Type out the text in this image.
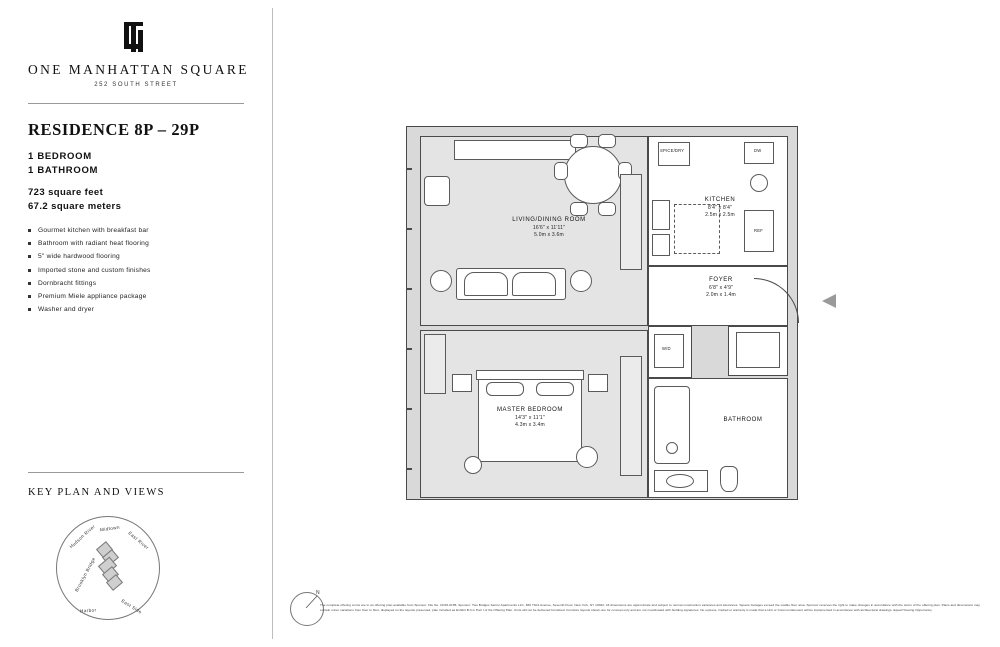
ONE MANHATTAN SQUARE
252 SOUTH STREET
RESIDENCE 8P – 29P
1 BEDROOM
1 BATHROOM
723 square feet
67.2 square meters
Gourmet kitchen with breakfast bar
Bathroom with radiant heat flooring
5" wide hardwood flooring
Imported stone and custom finishes
Dornbracht fittings
Premium Miele appliance package
Washer and dryer
KEY PLAN AND VIEWS
Hudson River Midtown
East River
Brooklyn Bridge
Harbor	East Side
LIVING/DINING ROOM
16'6" x 11'11"
5.0m x 3.6m
SPICE/DRY	DW
REF
KITCHEN
8'4" x 8'4"
2.5m x 2.5m
FOYER
6'8" x 4'9"
2.0m x 1.4m
MASTER BEDROOM
14'3" x 11'1"
4.3m x 3.4m
W/D
BATHROOM
N
The complete offering terms are in an offering plan available from Sponsor. File No. CD15-0185. Sponsor: Two Bridges Senior Apartments LLC, 826 Third Avenue, Seventh Floor, New York, NY 10022. All dimensions are approximate and subject to normal construction variances and tolerances. Square footages exceed the usable floor area. Sponsor reserves the right to make changes in accordance with the terms of the offering plan. Plans and dimensions may contain minor variations from floor to floor, displayed on the layouts presented, plan included as Exhibit B-3 in Part I of the Offering Plan. Units will not be delivered furnished. Furniture layouts shown are for concept only and are not coordinated with building signatures. No express, implied or warranty is made that a Unit or Common Element will be implemented in accordance with architectural drawings. Equal Housing Opportunity.
